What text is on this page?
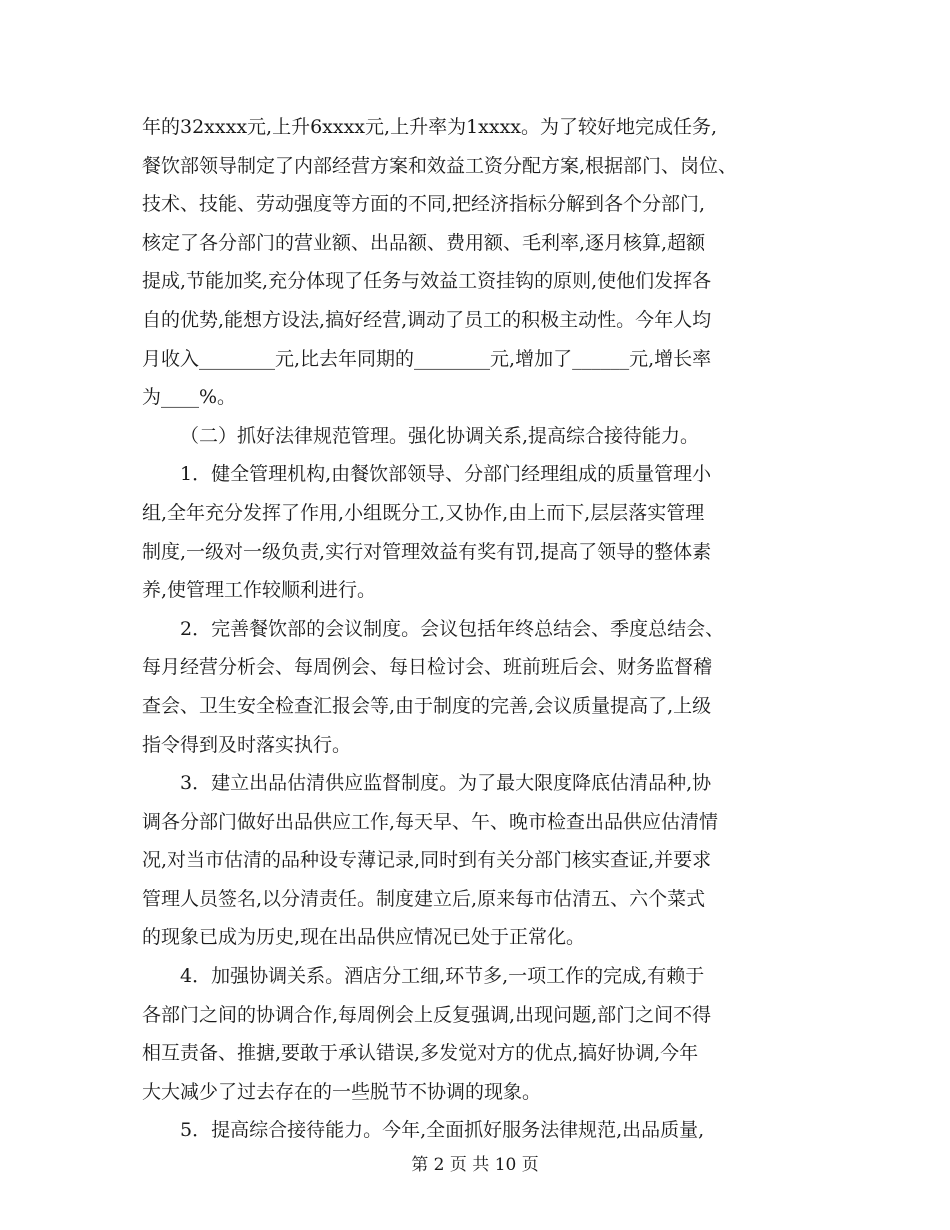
年的32xxxx元,上升6xxxx元,上升率为1xxxx。为了较好地完成任务,
餐饮部领导制定了内部经营方案和效益工资分配方案,根据部门、岗位、
技术、技能、劳动强度等方面的不同,把经济指标分解到各个分部门,
核定了各分部门的营业额、出品额、费用额、毛利率,逐月核算,超额
提成,节能加奖,充分体现了任务与效益工资挂钩的原则,使他们发挥各
自的优势,能想方设法,搞好经营,调动了员工的积极主动性。今年人均
月收入________元,比去年同期的________元,增加了______元,增长率
为____%。
（二）抓好法律规范管理。强化协调关系,提高综合接待能力。
1．健全管理机构,由餐饮部领导、分部门经理组成的质量管理小
组,全年充分发挥了作用,小组既分工,又协作,由上而下,层层落实管理
制度,一级对一级负责,实行对管理效益有奖有罚,提高了领导的整体素
养,使管理工作较顺利进行。
2．完善餐饮部的会议制度。会议包括年终总结会、季度总结会、
每月经营分析会、每周例会、每日检讨会、班前班后会、财务监督稽
查会、卫生安全检查汇报会等,由于制度的完善,会议质量提高了,上级
指令得到及时落实执行。
3．建立出品估清供应监督制度。为了最大限度降底估清品种,协
调各分部门做好出品供应工作,每天早、午、晚市检查出品供应估清情
况,对当市估清的品种设专薄记录,同时到有关分部门核实查证,并要求
管理人员签名,以分清责任。制度建立后,原来每市估清五、六个菜式
的现象已成为历史,现在出品供应情况已处于正常化。
4．加强协调关系。酒店分工细,环节多,一项工作的完成,有赖于
各部门之间的协调合作,每周例会上反复强调,出现问题,部门之间不得
相互责备、推搪,要敢于承认错误,多发觉对方的优点,搞好协调,今年
大大减少了过去存在的一些脱节不协调的现象。
5．提高综合接待能力。今年,全面抓好服务法律规范,出品质量,
第 2 页 共 10 页
